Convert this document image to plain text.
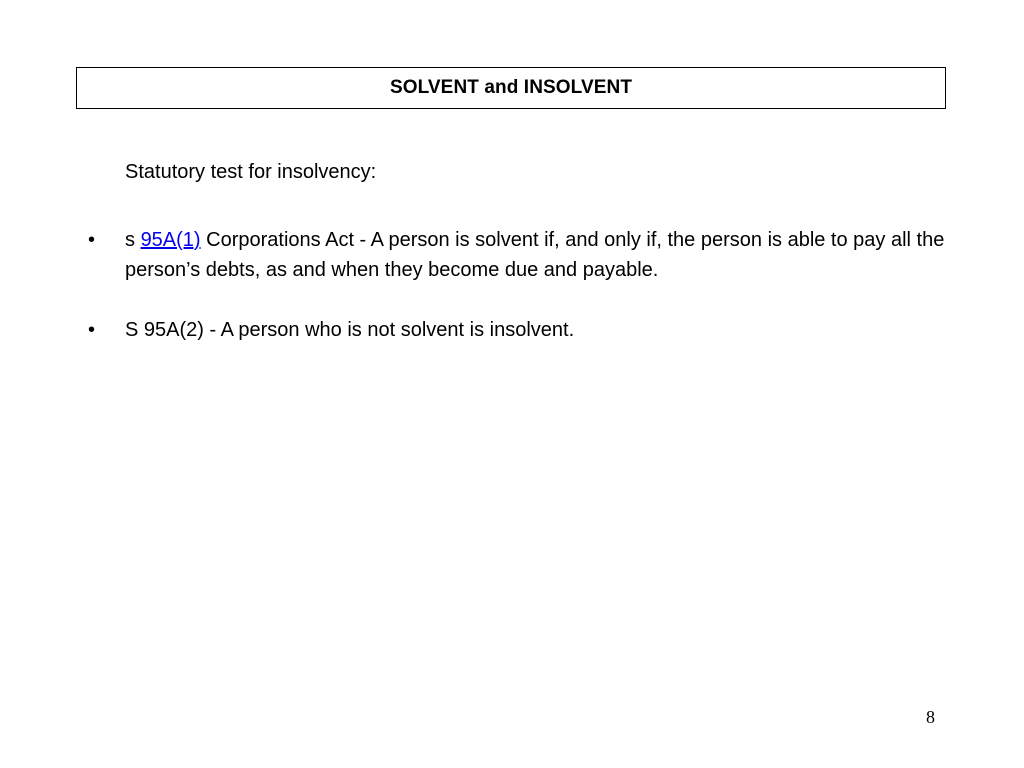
SOLVENT and INSOLVENT
Statutory test for insolvency:
• s 95A(1) Corporations Act - A person is solvent if, and only if, the person is able to pay all the person’s debts, as and when they become due and payable.
• S 95A(2) - A person who is not solvent is insolvent.
8
